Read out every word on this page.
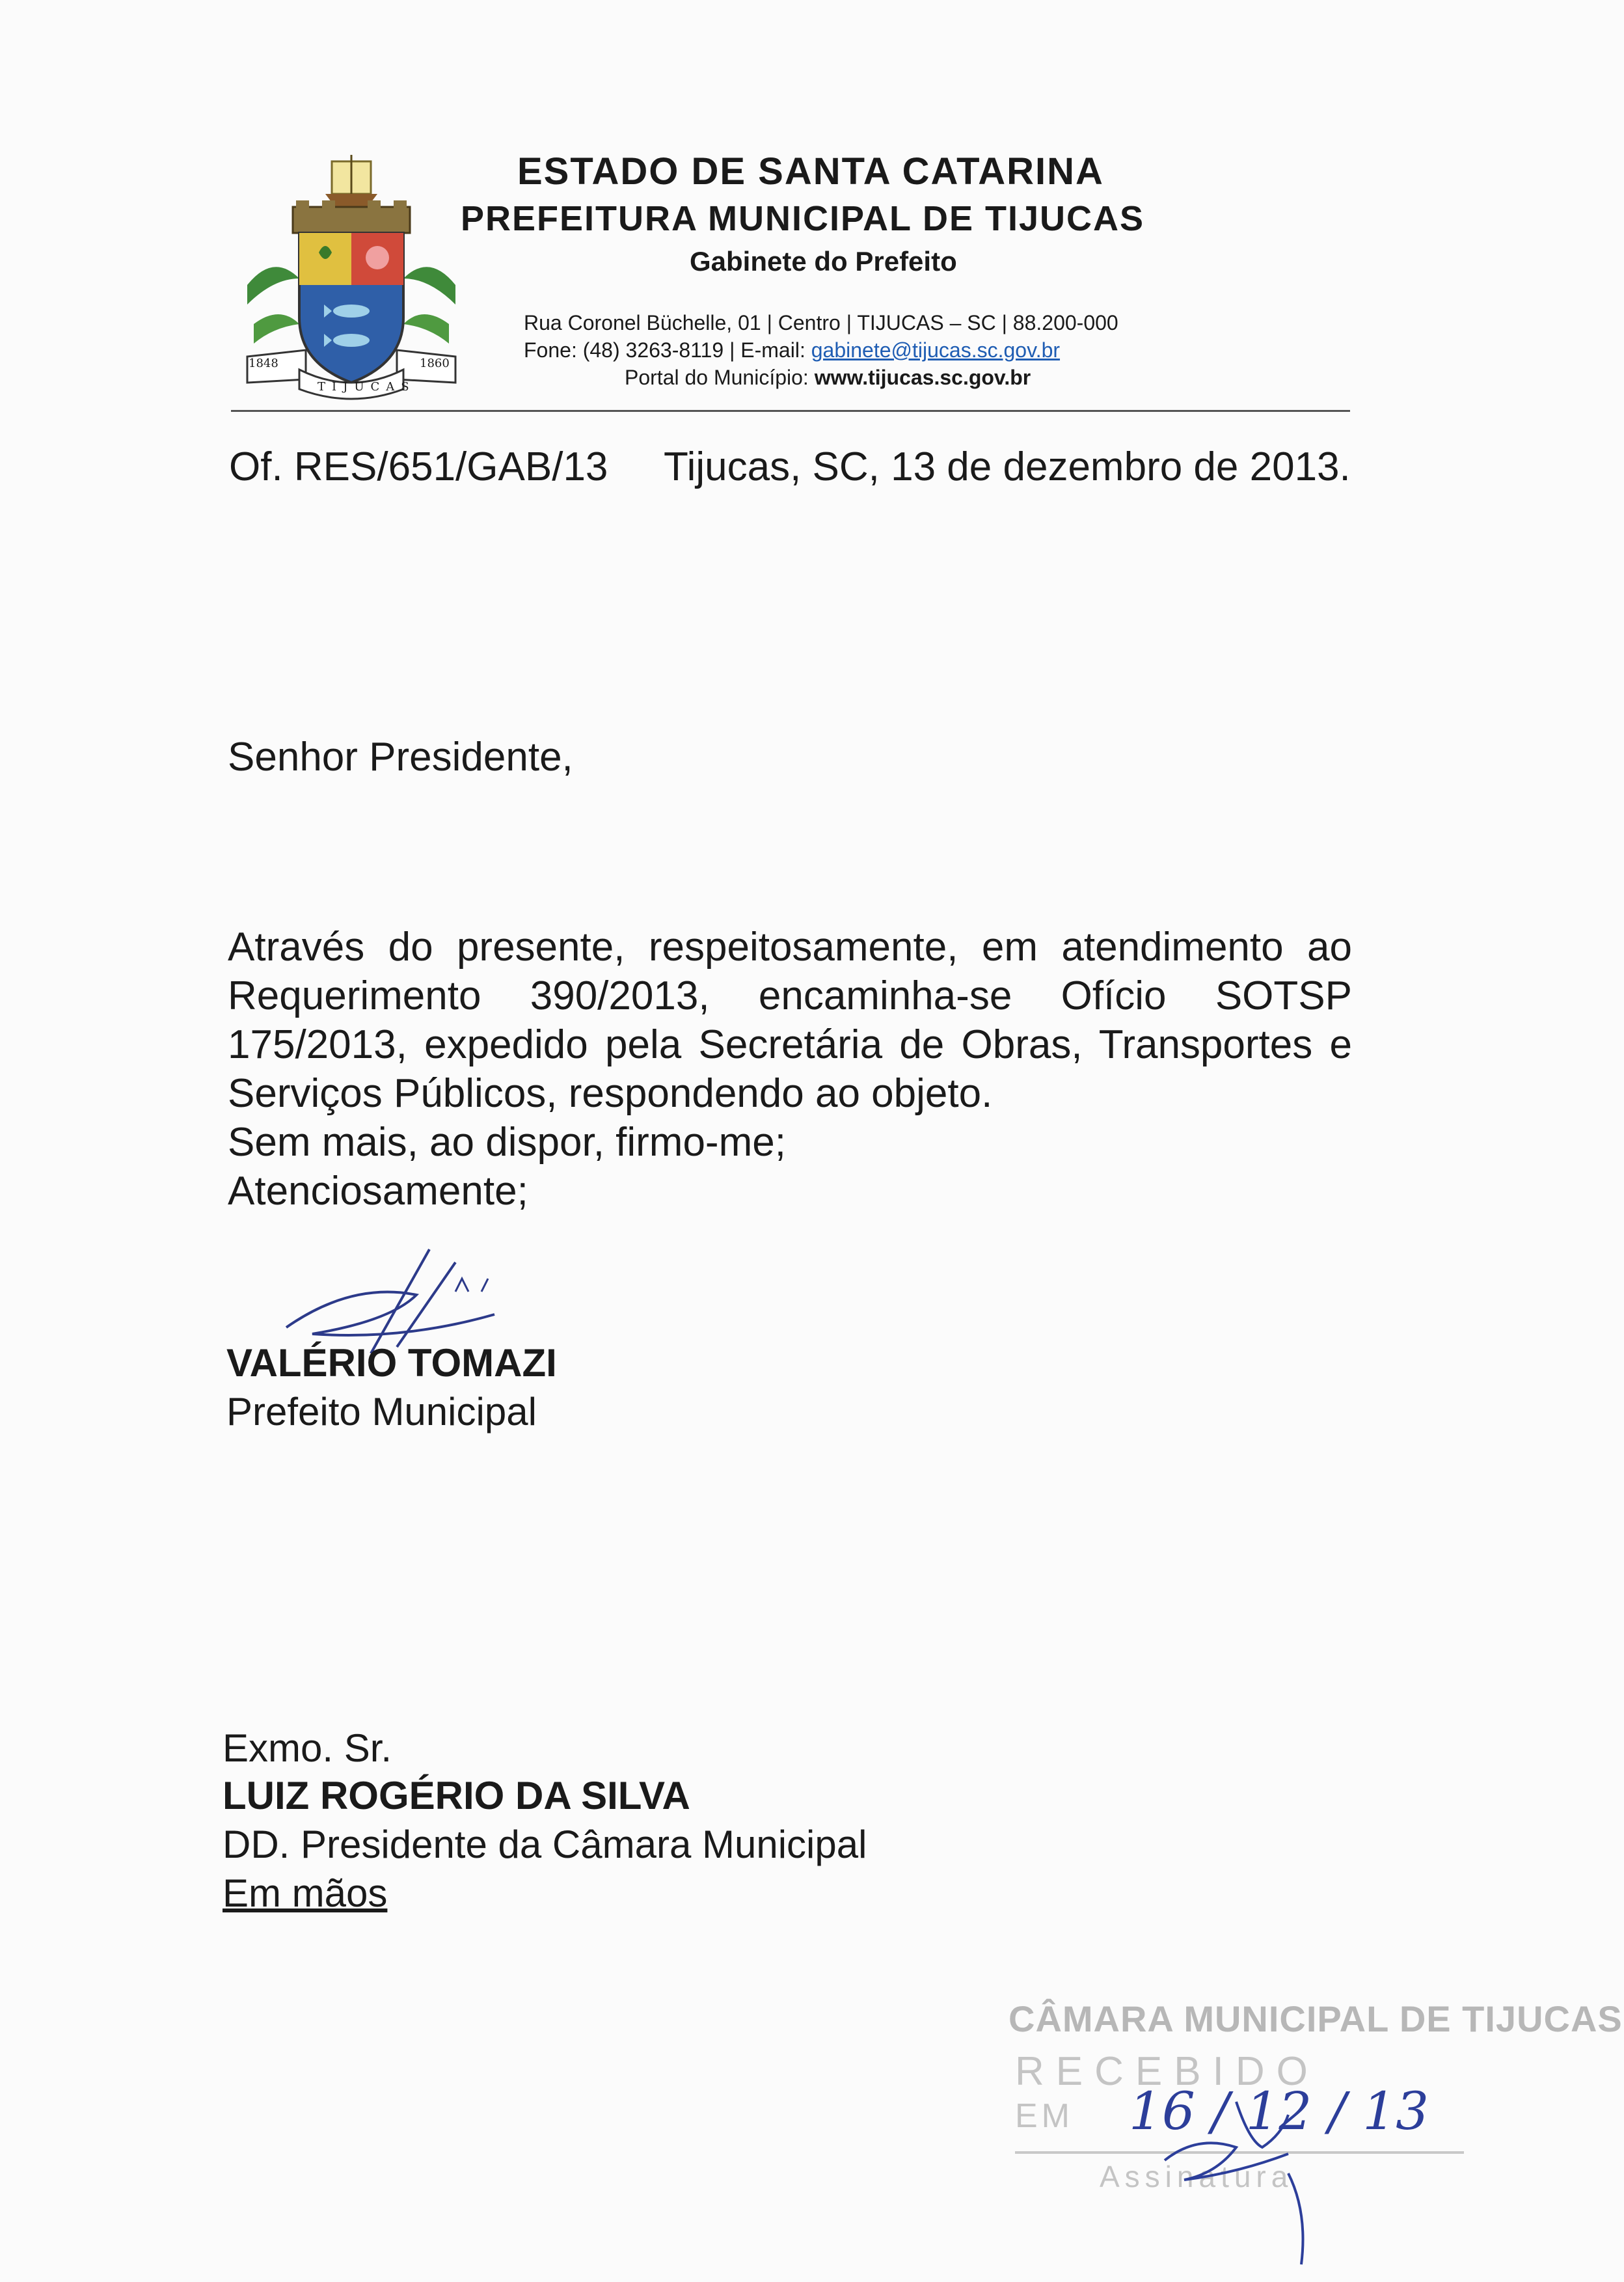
1848	1860
TIJUCAS
ESTADO DE SANTA CATARINA
PREFEITURA MUNICIPAL DE TIJUCAS
Gabinete do Prefeito
Rua Coronel Büchelle, 01 | Centro | TIJUCAS – SC | 88.200-000
Fone: (48) 3263-8119 | E-mail: gabinete@tijucas.sc.gov.br
Portal do Município: www.tijucas.sc.gov.br
Of. RES/651/GAB/13 Tijucas, SC, 13 de dezembro de 2013.
Senhor Presidente,
Através do presente, respeitosamente, em atendimento ao Requerimento 390/2013, encaminha-se Ofício SOTSP 175/2013, expedido pela Secretária de Obras, Transportes e Serviços Públicos, respondendo ao objeto.
Sem mais, ao dispor, firmo-me;
Atenciosamente;
VALÉRIO TOMAZI
Prefeito Municipal
Exmo. Sr.
LUIZ ROGÉRIO DA SILVA
DD. Presidente da Câmara Municipal
Em mãos
CÂMARA MUNICIPAL DE TIJUCAS
RECEBIDO
EM 16 / 12 / 13
Assinatura
